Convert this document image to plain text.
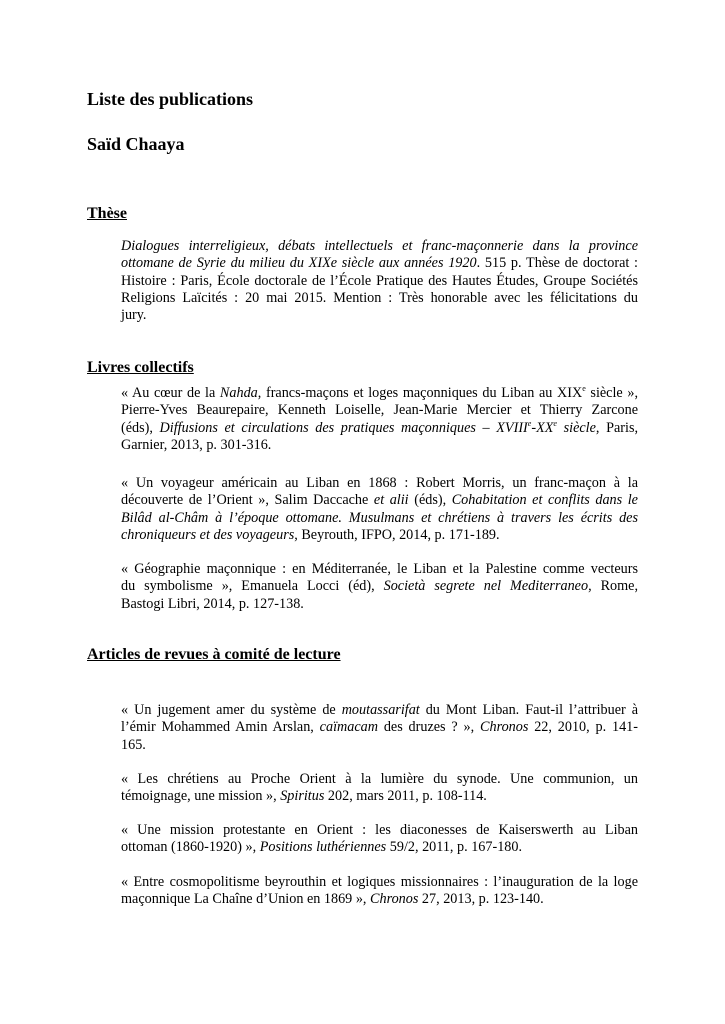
Liste des publications
Saïd Chaaya
Thèse
Dialogues interreligieux, débats intellectuels et franc-maçonnerie dans la province
ottomane de Syrie du milieu du XIXe siècle aux années 1920. 515 p. Thèse de doctorat :
Histoire : Paris, École doctorale de l’École Pratique des Hautes Études, Groupe Sociétés
Religions Laïcités : 20 mai 2015. Mention : Très honorable avec les félicitations du
jury.
Livres collectifs
« Au cœur de la Nahda, francs-maçons et loges maçonniques du Liban au XIXe siècle »,
Pierre-Yves Beaurepaire, Kenneth Loiselle, Jean-Marie Mercier et Thierry Zarcone
(éds), Diffusions et circulations des pratiques maçonniques – XVIIIe-XXe siècle, Paris,
Garnier, 2013, p. 301-316.
« Un voyageur américain au Liban en 1868 : Robert Morris, un franc-maçon à la
découverte de l’Orient », Salim Daccache et alii (éds), Cohabitation et conflits dans le
Bilâd al-Châm à l’époque ottomane. Musulmans et chrétiens à travers les écrits des
chroniqueurs et des voyageurs, Beyrouth, IFPO, 2014, p. 171-189.
« Géographie maçonnique : en Méditerranée, le Liban et la Palestine comme vecteurs
du symbolisme », Emanuela Locci (éd), Società segrete nel Mediterraneo, Rome,
Bastogi Libri, 2014, p. 127-138.
Articles de revues à comité de lecture
« Un jugement amer du système de moutassarifat du Mont Liban. Faut-il l’attribuer à
l’émir Mohammed Amin Arslan, caïmacam des druzes ? », Chronos 22, 2010, p. 141-
165.
« Les chrétiens au Proche Orient à la lumière du synode. Une communion, un
témoignage, une mission », Spiritus 202, mars 2011, p. 108-114.
« Une mission protestante en Orient : les diaconesses de Kaiserswerth au Liban
ottoman (1860-1920) », Positions luthériennes 59/2, 2011, p. 167-180.
« Entre cosmopolitisme beyrouthin et logiques missionnaires : l’inauguration de la loge
maçonnique La Chaîne d’Union en 1869 », Chronos 27, 2013, p. 123-140.
